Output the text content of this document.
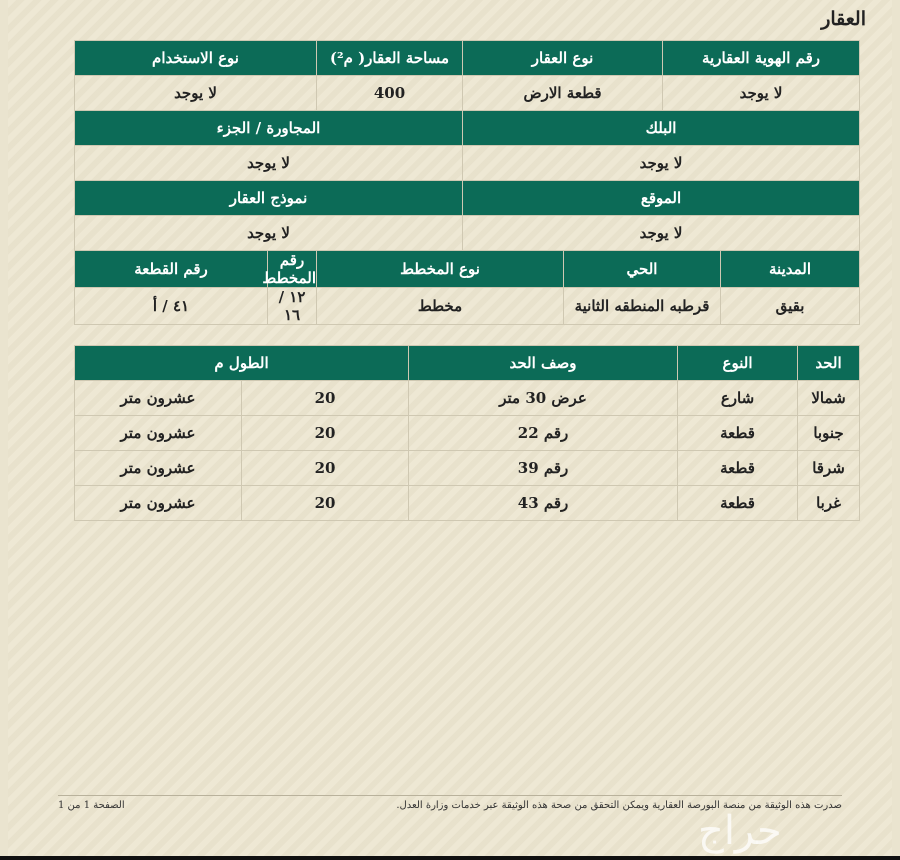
العقار
رقم الهوية العقارية		نوع العقار		مساحة العقار( م²)	نوع الاستخدام	
لا يوجد		قطعة الارض		400	لا يوجد	
البلك				المجاورة / الجزء		
لا يوجد				لا يوجد		
الموقع				نموذج العقار		
لا يوجد				لا يوجد		
المدينة	الحي		نوع المخطط		رقم المخطط	رقم القطعة
بقيق	قرطبه المنطقه الثانية		مخطط		١٢ / ١٦	٤١ / أ
الحد	النوع	وصف الحد	الطول م	
شمالا	شارع	عرض 30 متر	20	عشرون متر
جنوبا	قطعة	رقم 22	20	عشرون متر
شرقا	قطعة	رقم 39	20	عشرون متر
غربا	قطعة	رقم 43	20	عشرون متر
صدرت هذه الوثيقة من منصة البورصة العقارية ويمكن التحقق من صحة هذه الوثيقة عبر خدمات وزارة العدل.
الصفحة 1 من 1
حراج
